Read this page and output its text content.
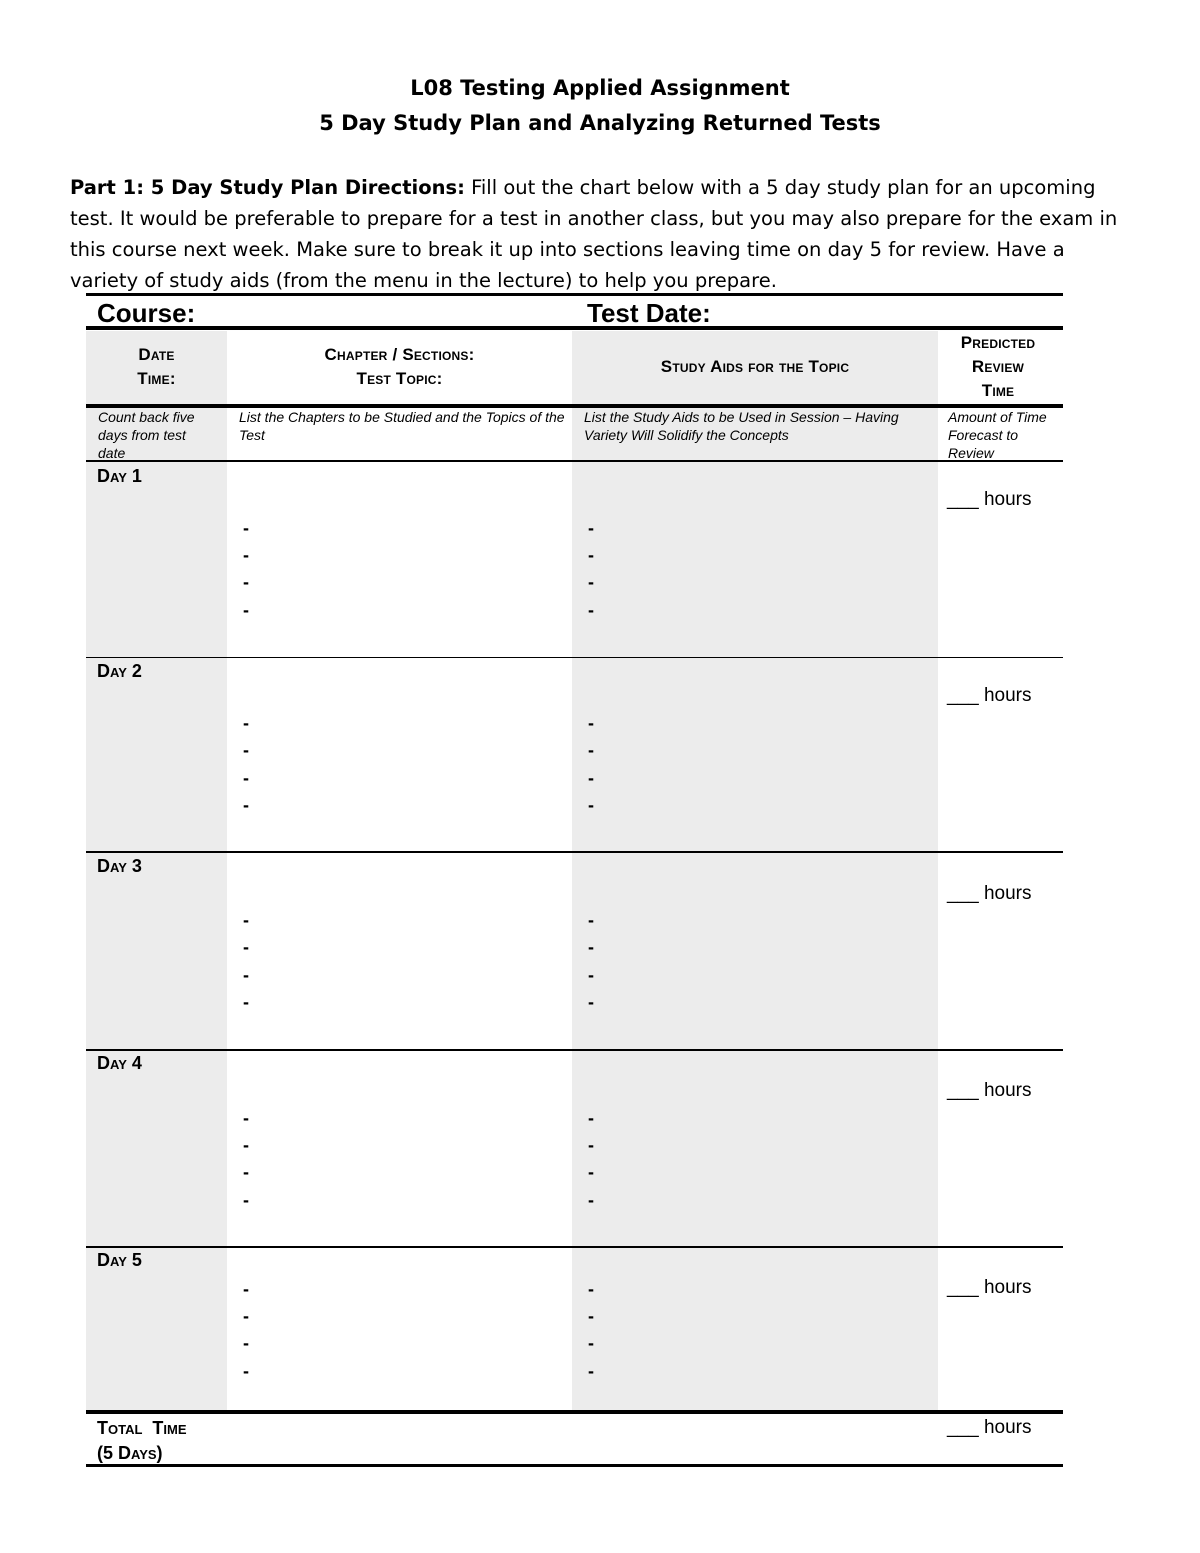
L08 Testing Applied Assignment
5 Day Study Plan and Analyzing Returned Tests
Part 1: 5 Day Study Plan Directions: Fill out the chart below with a 5 day study plan for an upcoming test. It would be preferable to prepare for a test in another class, but you may also prepare for the exam in this course next week. Make sure to break it up into sections leaving time on day 5 for review. Have a variety of study aids (from the menu in the lecture) to help you prepare.
Course:	Test Date:
Date
Time:
Chapter / Sections:
Test Topic:
Study Aids for the Topic
Predicted
Review
Time
Count back five days from test date
List the Chapters to be Studied and the Topics of the Test
List the Study Aids to be Used in Session – Having Variety Will Solidify the Concepts
Amount of Time Forecast to Review
Day 1
___ hours
-
-
-
-
-
-
-
-
Day 2
___ hours
-
-
-
-
-
-
-
-
Day 3
___ hours
-
-
-
-
-
-
-
-
Day 4
___ hours
-
-
-
-
-
-
-
-
Day 5
___ hours
-
-
-
-
-
-
-
-
Total  Time
(5 Days)
___ hours
